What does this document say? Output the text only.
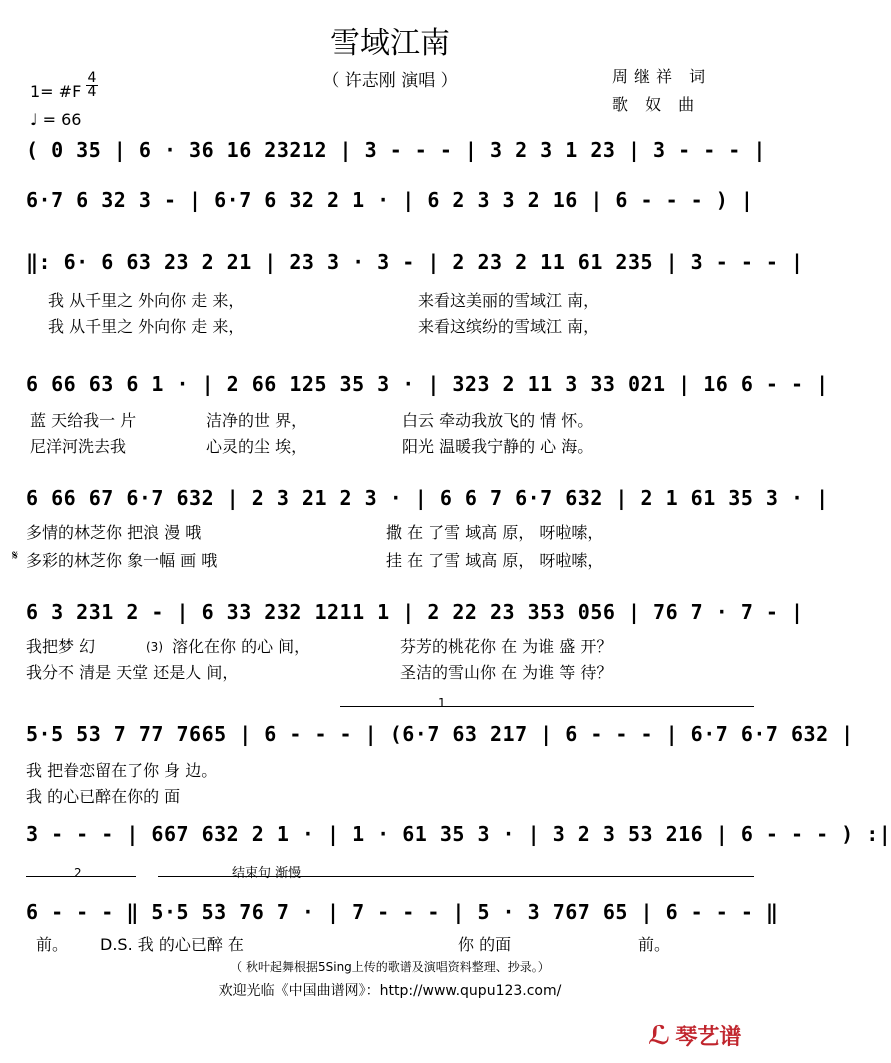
雪域江南
（ 许志刚 演唱 ）	周继祥 词
歌 奴 曲
1= #F
4
4
♩ = 66
( 0 35 | 6 · 36 16 23212 | 3 - - - | 3 2 3 1 23 | 3 - - - |
6·7 6 32 3 - | 6·7 6 32 2 1 · | 6 2 3 3 2 16 | 6 - - - ) |
‖: 6· 6 63 23 2 21 | 23 3 · 3 - | 2 23 2 11 61 235 | 3 - - - |
我 从千里之 外向你 走 来，	来看这美丽的雪域江 南，
我 从千里之 外向你 走 来，	来看这缤纷的雪域江 南，
6 66 63 6 1 · | 2 66 125 35 3 · | 323 2 11 3 33 021 | 16 6 - - |
蓝 天给我一 片	洁净的世 界，	白云 牵动我放飞的 情 怀。
尼洋河洗去我	心灵的尘 埃，	阳光 温暖我宁静的 心 海。
6 66 67 6·7 632 | 2 3 21 2 3 · | 6 6 7 6·7 632 | 2 1 61 35 3 · |
多情的林芝你 把浪 漫 哦	撒 在 了雪 域高 原， 呀啦嗦，
𝄋 多彩的林芝你 象一幅 画 哦	挂 在 了雪 域高 原， 呀啦嗦，
6 3 231 2 - | 6 33 232 1211 1 | 2 22 23 353 056 | 76 7 · 7 - |
我把梦 幻	(3) 溶化在你 的心 间，	芬芳的桃花你 在 为谁 盛 开？
我分不 清是 天堂 还是人 间，	圣洁的雪山你 在 为谁 等 待？
1
5·5 53 7 77 7665 | 6 - - - | (6·7 63 217 | 6 - - - | 6·7 6·7 632 |
我 把眷恋留在了你 身 边。
我 的心已醉在你的 面
3 - - - | 667 632 2 1 · | 1 · 61 35 3 · | 3 2 3 53 216 | 6 - - - ) :|
2	结束句 渐慢
6 - - - ‖ 5·5 53 76 7 · | 7 - - - | 5 · 3 767 65 | 6 - - - ‖
前。 D.S. 我 的心已醉 在	你 的面	前。
（ 秋叶起舞根据5Sing上传的歌谱及演唱资料整理、抄录。）
欢迎光临《中国曲谱网》：http://www.qupu123.com/
ℒ 琴艺谱
